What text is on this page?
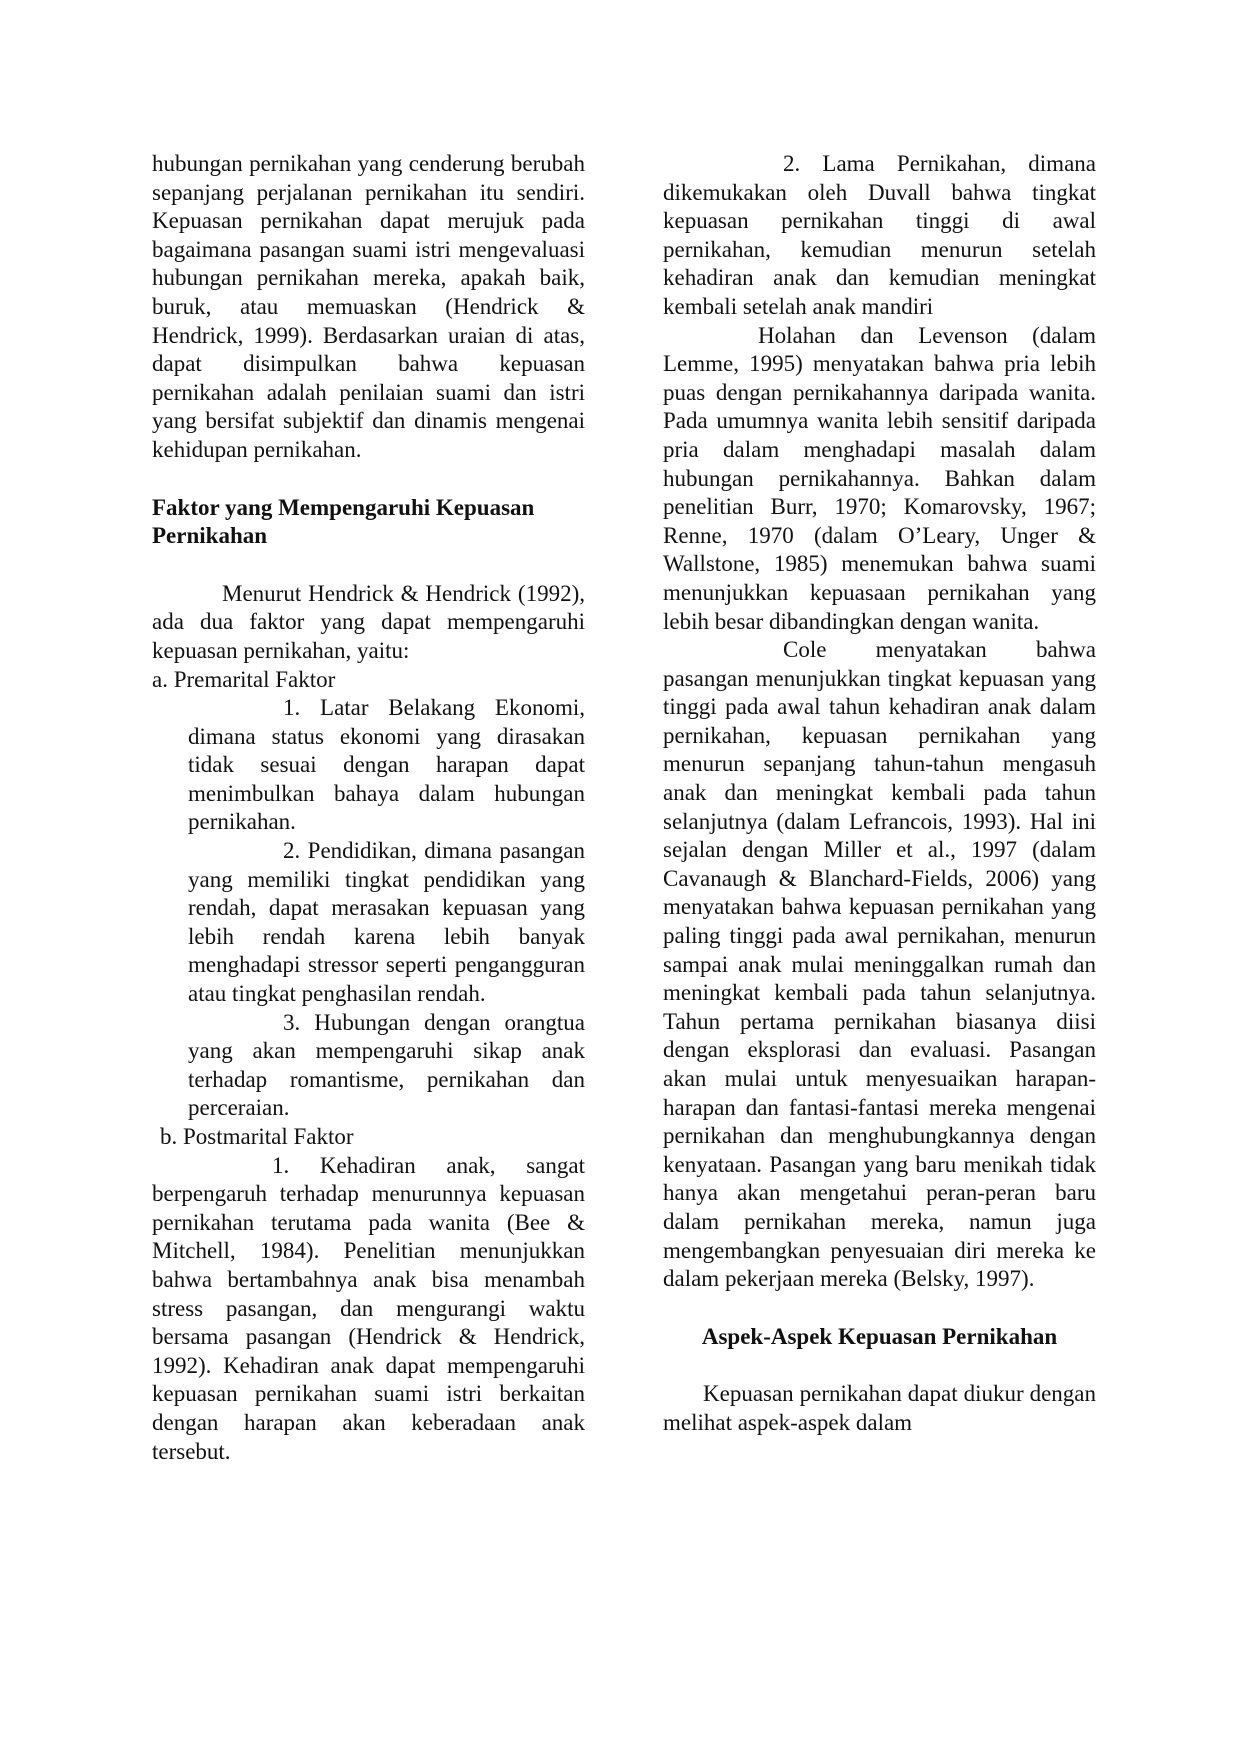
hubungan pernikahan yang cenderung berubah sepanjang perjalanan pernikahan itu sendiri. Kepuasan pernikahan dapat merujuk pada bagaimana pasangan suami istri mengevaluasi hubungan pernikahan mereka, apakah baik, buruk, atau memuaskan (Hendrick & Hendrick, 1999). Berdasarkan uraian di atas, dapat disimpulkan bahwa kepuasan pernikahan adalah penilaian suami dan istri yang bersifat subjektif dan dinamis mengenai kehidupan pernikahan.

Faktor yang Mempengaruhi Kepuasan Pernikahan

Menurut Hendrick & Hendrick (1992), ada dua faktor yang dapat mempengaruhi kepuasan pernikahan, yaitu:

a. Premarital Faktor

1. Latar Belakang Ekonomi, dimana status ekonomi yang dirasakan tidak sesuai dengan harapan dapat menimbulkan bahaya dalam hubungan pernikahan.

2. Pendidikan, dimana pasangan yang memiliki tingkat pendidikan yang rendah, dapat merasakan kepuasan yang lebih rendah karena lebih banyak menghadapi stressor seperti pengangguran atau tingkat penghasilan rendah.

3. Hubungan dengan orangtua yang akan mempengaruhi sikap anak terhadap romantisme, pernikahan dan perceraian.

b. Postmarital Faktor

1. Kehadiran anak, sangat berpengaruh terhadap menurunnya kepuasan pernikahan terutama pada wanita (Bee & Mitchell, 1984). Penelitian menunjukkan bahwa bertambahnya anak bisa menambah stress pasangan, dan mengurangi waktu bersama pasangan (Hendrick & Hendrick, 1992). Kehadiran anak dapat mempengaruhi kepuasan pernikahan suami istri berkaitan dengan harapan akan keberadaan anak tersebut.

2. Lama Pernikahan, dimana dikemukakan oleh Duvall bahwa tingkat kepuasan pernikahan tinggi di awal pernikahan, kemudian menurun setelah kehadiran anak dan kemudian meningkat kembali setelah anak mandiri

Holahan dan Levenson (dalam Lemme, 1995) menyatakan bahwa pria lebih puas dengan pernikahannya daripada wanita. Pada umumnya wanita lebih sensitif daripada pria dalam menghadapi masalah dalam hubungan pernikahannya. Bahkan dalam penelitian Burr, 1970; Komarovsky, 1967; Renne, 1970 (dalam O’Leary, Unger & Wallstone, 1985) menemukan bahwa suami menunjukkan kepuasaan pernikahan yang lebih besar dibandingkan dengan wanita.

Cole menyatakan bahwa pasangan menunjukkan tingkat kepuasan yang tinggi pada awal tahun kehadiran anak dalam pernikahan, kepuasan pernikahan yang menurun sepanjang tahun-tahun mengasuh anak dan meningkat kembali pada tahun selanjutnya (dalam Lefrancois, 1993). Hal ini sejalan dengan Miller et al., 1997 (dalam Cavanaugh & Blanchard-Fields, 2006) yang menyatakan bahwa kepuasan pernikahan yang paling tinggi pada awal pernikahan, menurun sampai anak mulai meninggalkan rumah dan meningkat kembali pada tahun selanjutnya. Tahun pertama pernikahan biasanya diisi dengan eksplorasi dan evaluasi. Pasangan akan mulai untuk menyesuaikan harapan-harapan dan fantasi-fantasi mereka mengenai pernikahan dan menghubungkannya dengan kenyataan. Pasangan yang baru menikah tidak hanya akan mengetahui peran-peran baru dalam pernikahan mereka, namun juga mengembangkan penyesuaian diri mereka ke dalam pekerjaan mereka (Belsky, 1997).

Aspek-Aspek Kepuasan Pernikahan

Kepuasan pernikahan dapat diukur dengan melihat aspek-aspek dalam
